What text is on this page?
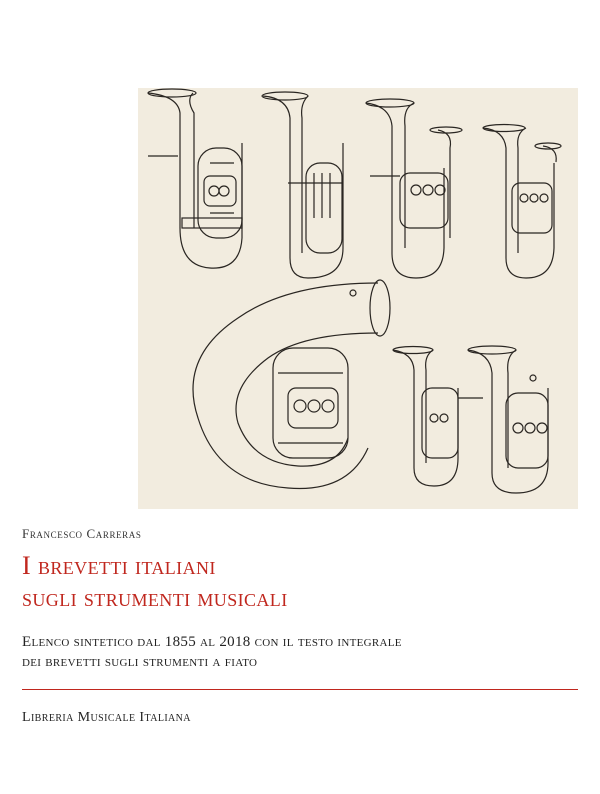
Francesco Carreras
I brevetti italiani
sugli strumenti musicali

Elenco sintetico dal 1855 al 2018 con il testo integrale
dei brevetti sugli strumenti a fiato

Libreria Musicale Italiana
